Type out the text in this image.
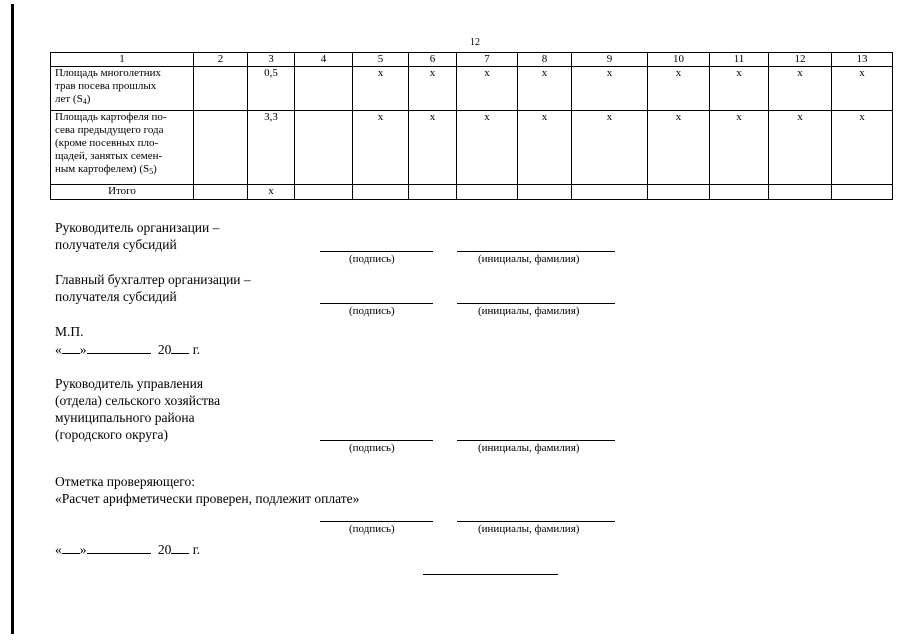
12
1	2	3	4	5	6	7	8	9	10	11	12	13

Площадь многолетних
трав посева прошлых
лет $(S_4)$		0,5		x	x	x	x	x	x	x	x	x

Площадь картофеля по-
сева предыдущего года
(кроме посевных пло-
щадей, занятых семен-
ным картофелем) $(S_5)$		3,3		x	x	x	x	x	x	x	x	x
Итого		x										
Руководитель организации –
получателя субсидий
(подпись)	(инициалы, фамилия)
Главный бухгалтер организации –
получателя субсидий
(подпись)	(инициалы, фамилия)
М.П.
« »	20 г.
Руководитель управления
(отдела) сельского хозяйства
муниципального района
(городского округа)
(подпись)	(инициалы, фамилия)
Отметка проверяющего:
«Расчет арифметически проверен, подлежит оплате»
(подпись)	(инициалы, фамилия)
« »	20 г.
